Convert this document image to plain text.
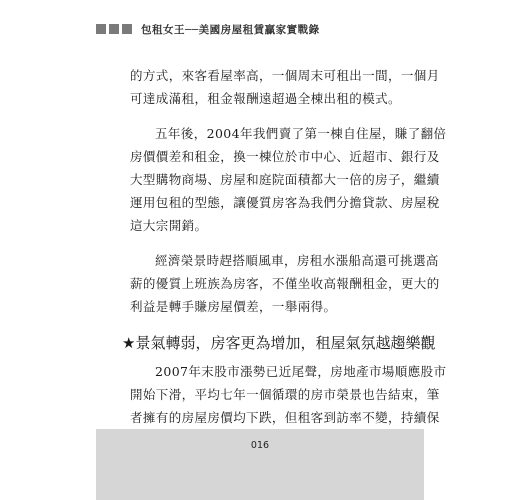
包租女王──美國房屋租賃贏家實戰錄

的方式，來客看屋率高，一個周末可租出一間，一個月
可達成滿租，租金報酬遠超過全棟出租的模式。

五年後，2004年我們賣了第一棟自住屋，賺了翻倍
房價價差和租金，換一棟位於市中心、近超市、銀行及
大型購物商場、房屋和庭院面積都大一倍的房子，繼續
運用包租的型態，讓優質房客為我們分擔貸款、房屋稅
這大宗開銷。

經濟榮景時趕搭順風車，房租水漲船高還可挑選高
薪的優質上班族為房客，不僅坐收高報酬租金，更大的
利益是轉手賺房屋價差，一舉兩得。

★景氣轉弱，房客更為增加，租屋氣氛越趨樂觀

2007年末股市漲勢已近尾聲，房地產市場順應股市
開始下滑，平均七年一個循環的房市榮景也告結束，筆
者擁有的房屋房價均下跌，但租客到訪率不變，持續保

016
